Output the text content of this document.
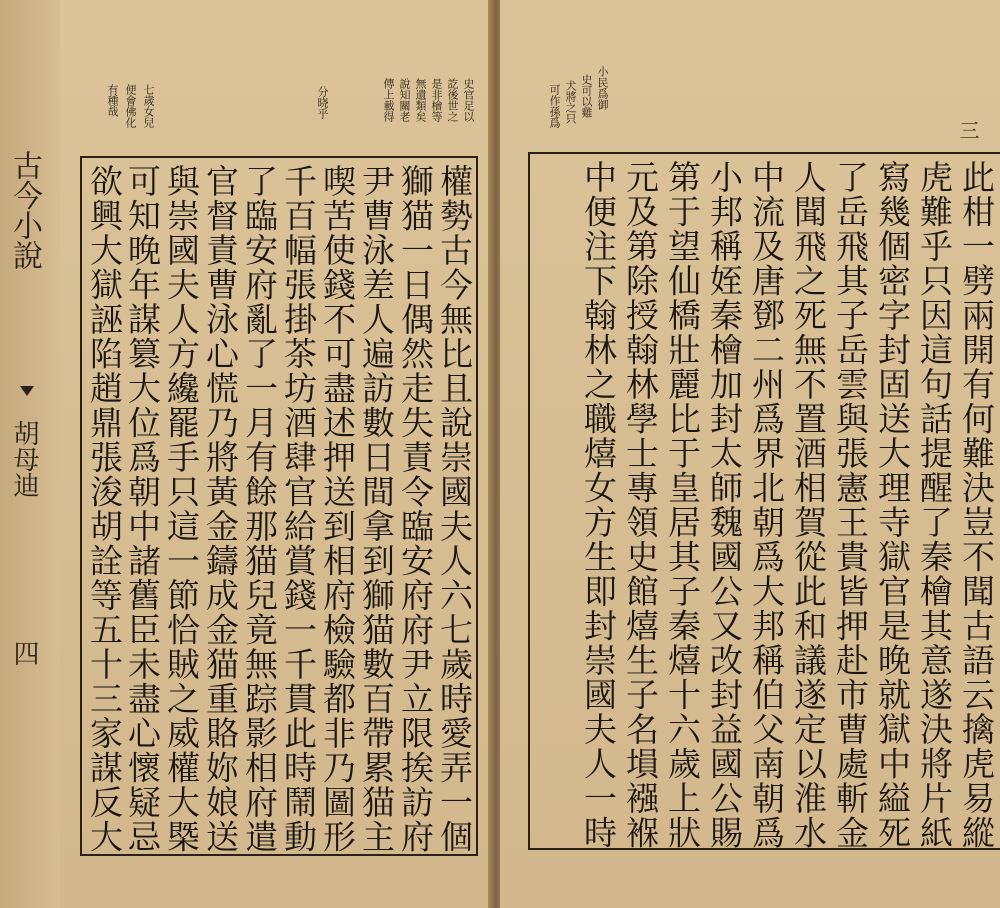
古今小說
胡母迪
四
史官足以
訖後世之
是非檜等
無遺類矣
說知關老
傳上載得
分晓乎
七歲女兒
便會佛化
有種哉
權勢古今無比且說崇國夫人六七歲時愛弄一個
獅猫一日偶然走失責令臨安府府尹立限挨訪府
尹曹泳差人遍訪數日間拿到獅猫數百帶累猫主
喫苦使錢不可盡述押送到相府檢驗都非乃圖形
千百幅張掛茶坊酒肆官給賞錢一千貫此時鬧動
了臨安府亂了一月有餘那猫兒竟無踪影相府遣
官督責曹泳心慌乃將黃金鑄成金猫重賂妳娘送
與崇國夫人方纔罷手只這一節恰賊之威權大槩
可知晚年謀篡大位爲朝中諸舊臣未盡心懷疑忌
欲興大獄誣陷趙鼎張浚胡詮等五十三家謀反大
小民爲御
史可以雞
犬將之只
可作孫爲
三
此柑一劈兩開有何難決豈不聞古語云擒虎易縱
虎難乎只因這句話提醒了秦檜其意遂決將片紙
寫幾個密字封固送大理寺獄官是晚就獄中縊死
了岳飛其子岳雲與張憲王貴皆押赴市曹處斬金
人聞飛之死無不置酒相賀從此和議遂定以淮水
中流及唐鄧二州爲界北朝爲大邦稱伯父南朝爲
小邦稱姪秦檜加封太師魏國公又改封益國公賜
第于望仙橋壯麗比于皇居其子秦熺十六歲上狀
元及第除授翰林學士專領史館熺生子名塤襁褓
中便注下翰林之職熺女方生即封崇國夫人一時
